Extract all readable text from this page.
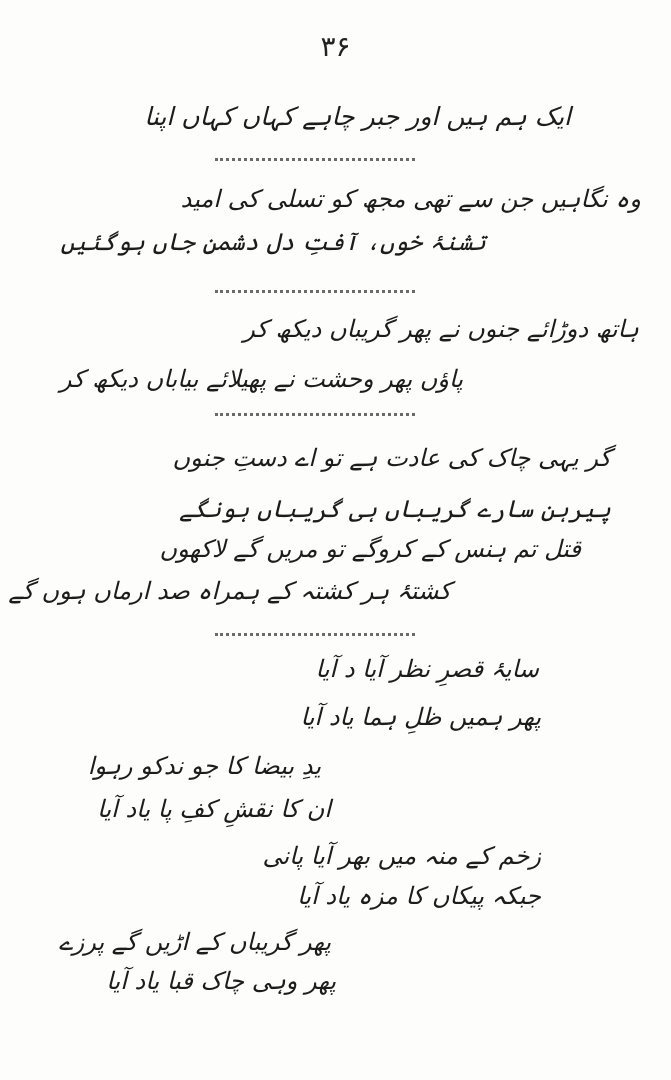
۳۶
ایک ہم ہیں اور جبر چاہے کہاں کہاں اپنا
وہ نگاہیں جن سے تھی مجھ کو تسلی کی امید
تشنۂ خوں، آفتِ دل دشمنِ جاں ہوگئیں
ہاتھ دوڑائے جنوں نے پھر گریباں دیکھ کر
پاؤں پھر وحشت نے پھیلائے بیاباں دیکھ کر
گر یہی چاک کی عادت ہے تو اے دستِ جنوں
پیرہن سارے گریباں ہی گریباں ہونگے
قتل تم ہنس کے کروگے تو مریں گے لاکھوں
کشتۂ ہر کشتہ کے ہمراہ صد ارماں ہوں گے
سایۂ قصرِ نظر آیا د آیا
پھر ہمیں ظلِ ہما یاد آیا
یدِ بیضا کا جو ندکو رہوا
ان کا نقشِ کفِ پا یاد آیا
زخم کے منہ میں بھر آیا پانی
جبکہ پیکاں کا مزہ یاد آیا
پھر گریباں کے اڑیں گے پرزے
پھر وہی چاک قبا یاد آیا
